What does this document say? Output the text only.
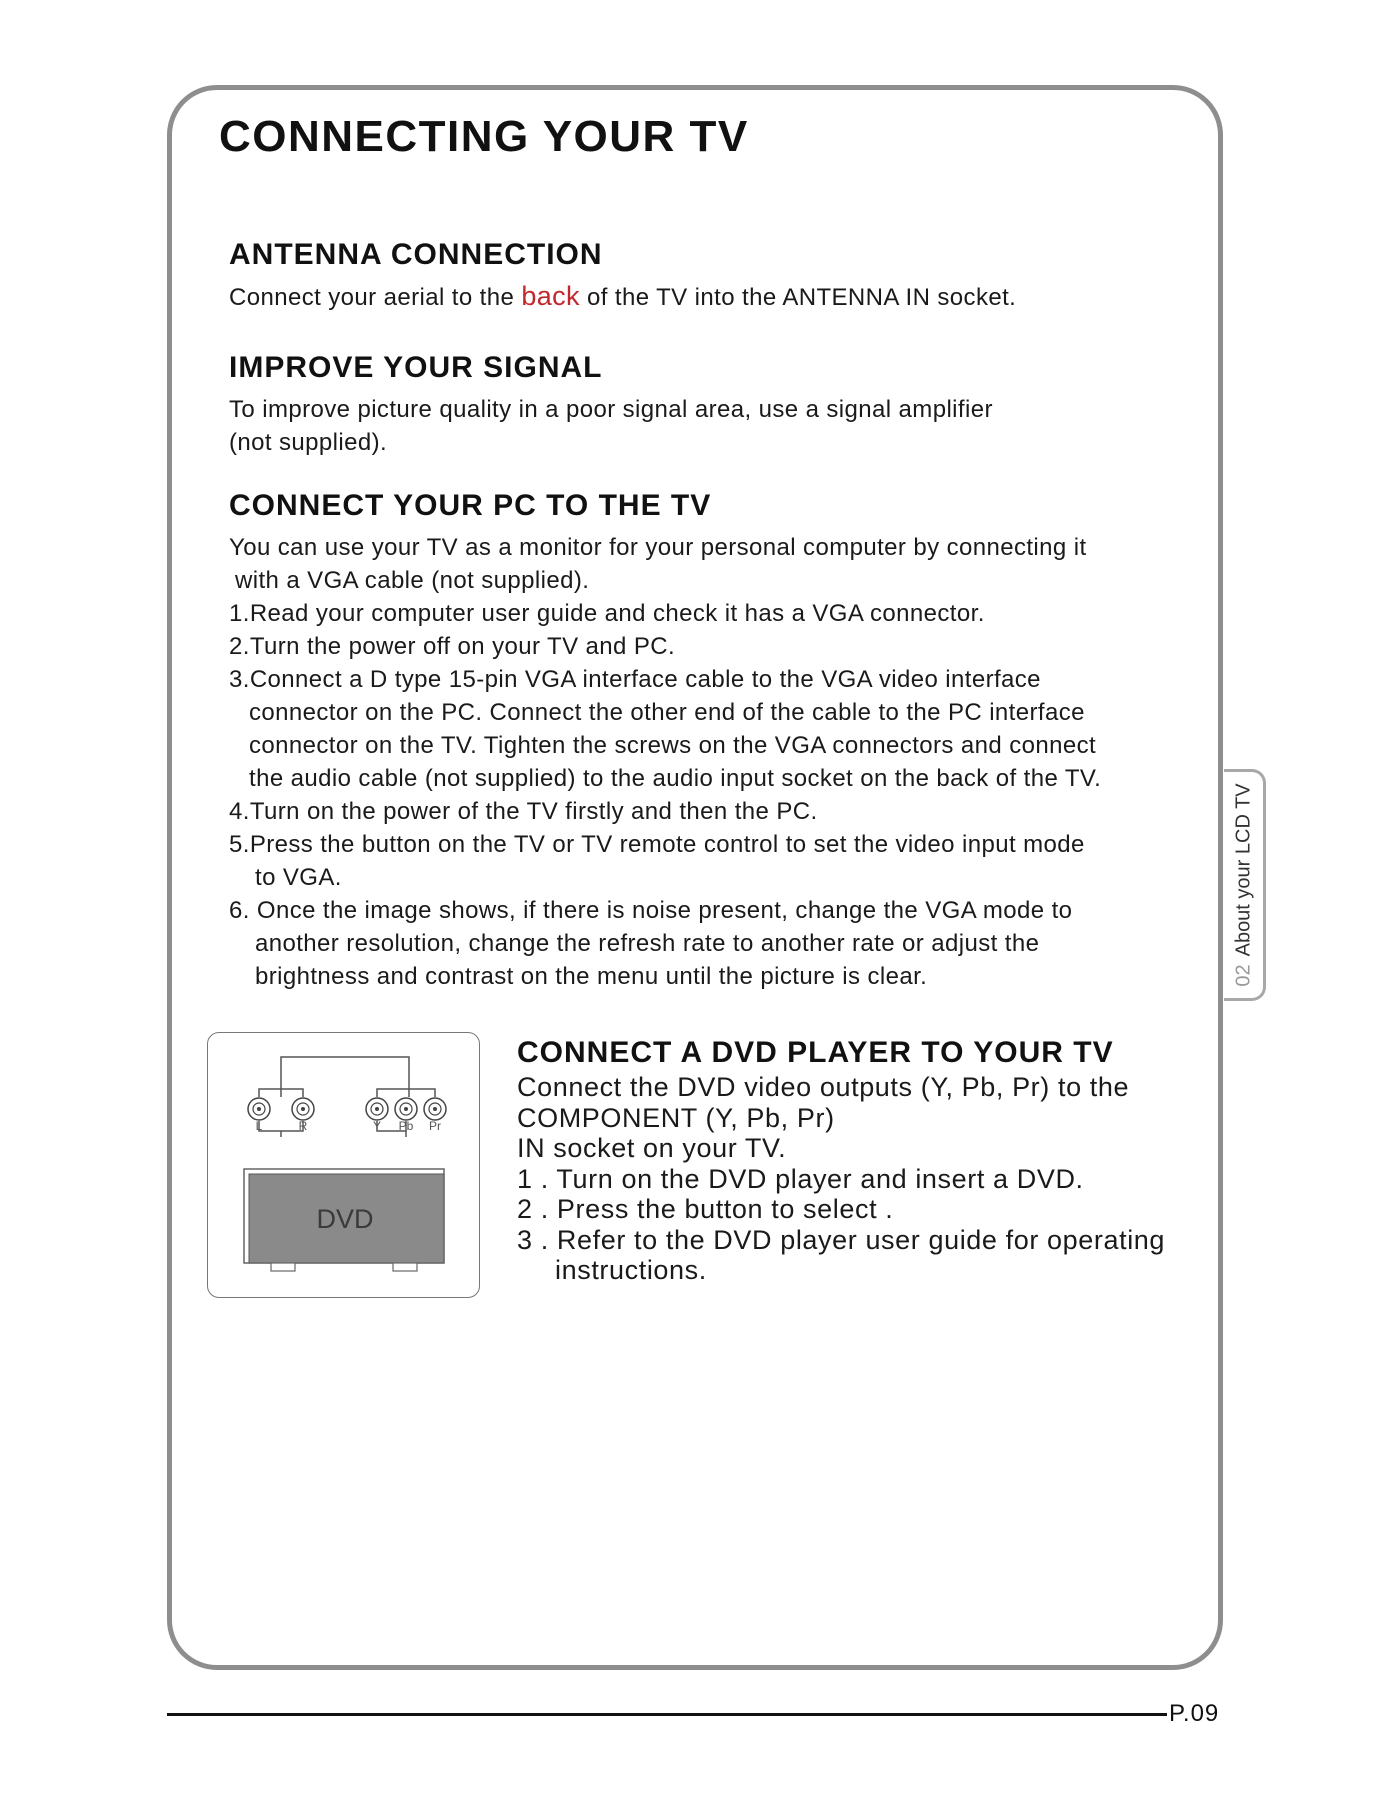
CONNECTING YOUR TV
ANTENNA CONNECTION

Connect your aerial to the back of the TV into the ANTENNA IN socket.

IMPROVE YOUR SIGNAL

To improve picture quality in a poor signal area, use a signal amplifier

(not supplied).

CONNECT YOUR PC TO THE TV

You can use your TV as a monitor for your personal computer by connecting it

with a VGA cable (not supplied).

1.Read your computer user guide and check it has a VGA connector.

2.Turn the power off on your TV and PC.

3.Connect a D type 15-pin VGA interface cable to the VGA video interface

connector on the PC. Connect the other end of the cable to the PC interface

connector on the TV. Tighten the screws on the VGA connectors and connect

the audio cable (not supplied) to the audio input socket on the back of the TV.

4.Turn on the power of the TV firstly and then the PC.

5.Press the button on the TV or TV remote control to set the video input mode

to VGA.

6. Once the image shows, if there is noise present, change the VGA mode to

another resolution, change the refresh rate to another rate or adjust the

brightness and contrast on the menu until the picture is clear.

L	R	Y Pb Pr
DVD
CONNECT A DVD PLAYER TO YOUR TV

Connect the DVD video outputs (Y, Pb, Pr) to the

COMPONENT (Y, Pb, Pr)

IN socket on your TV.

1 . Turn on the DVD player and insert a DVD.

2 . Press the button to select .

3 . Refer to the DVD player user guide for operating

instructions.

02About your LCD TV
P.09
